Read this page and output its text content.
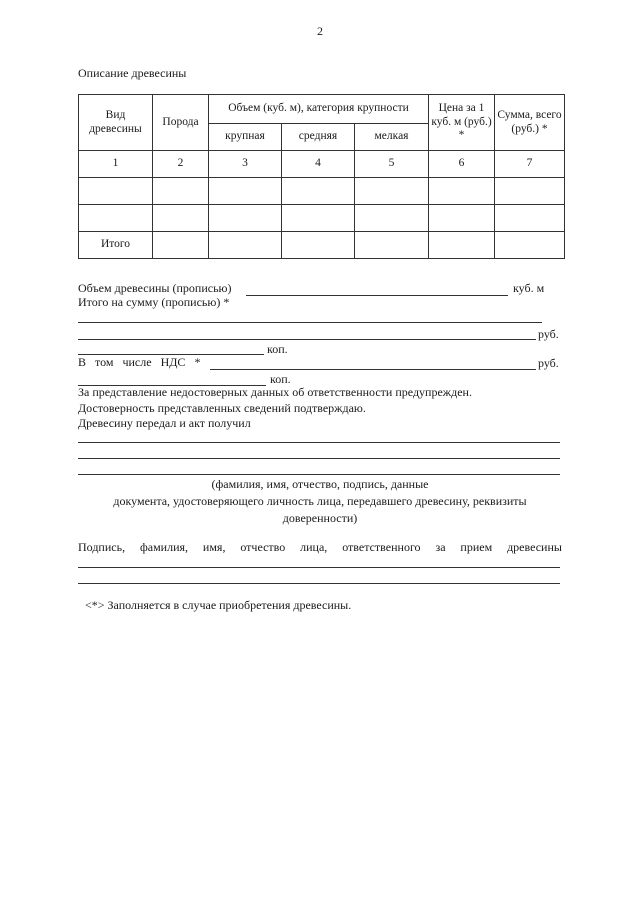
2
Описание древесины
Вид древесины	Порода	Объем (куб. м), категория крупности			Цена за 1 куб. м (руб.) *	Сумма, всего (руб.) *
		крупная	средняя	мелкая		
1	2	3	4	5	6	7

Итого						
Объем древесины (прописью)	куб. м
Итого на сумму (прописью) *
руб.
коп.
В том числе НДС *	руб.
коп.
За представление недостоверных данных об ответственности предупрежден.
Достоверность представленных сведений подтверждаю.
Древесину передал и акт получил
(фамилия, имя, отчество, подпись, данные
документа, удостоверяющего личность лица, передавшего древесину, реквизиты
доверенности)
Подпись, фамилия, имя, отчество лица, ответственного за прием древесины
<*> Заполняется в случае приобретения древесины.
